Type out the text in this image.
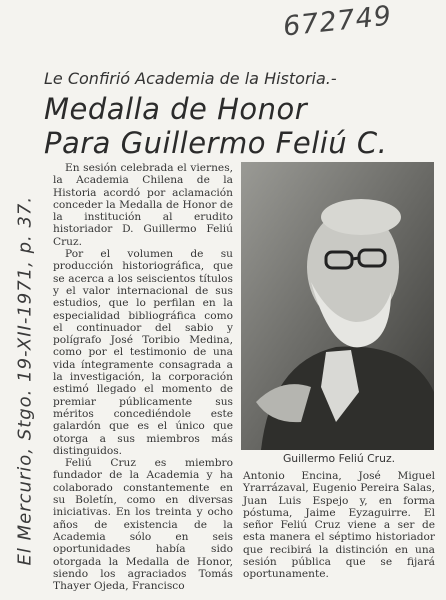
672749
Le Confirió Academia de la Historia.-
Medalla de Honor
Para Guillermo Feliú C.
El Mercurio, Stgo. 19-XII-1971, p. 37.

En sesión celebrada el viernes, la Academia Chilena de la Historia acordó por aclamación conceder la Medalla de Honor de la institución al erudito historiador D. Guillermo Feliú Cruz.

Por el volumen de su producción historiográfica, que se acerca a los seiscientos títulos y el valor internacional de sus estudios, que lo perfilan en la especialidad bibliográfica como el continuador del sabio y polígrafo José Toribio Medina, como por el testimonio de una vida íntegramente consagrada a la investigación, la corporación estimó llegado el momento de premiar públicamente sus méritos concediéndole este galardón que es el único que otorga a sus miembros más distinguidos.

Feliú Cruz es miembro fundador de la Academia y ha colaborado constantemente en su Boletín, como en diversas iniciativas. En los treinta y ocho años de existencia de la Academia sólo en seis oportunidades había sido otorgada la Medalla de Honor, siendo los agraciados Tomás Thayer Ojeda, Francisco

Guillermo Feliú Cruz.

Antonio Encina, José Miguel Yrarrázaval, Eugenio Pereira Salas, Juan Luis Espejo y, en forma póstuma, Jaime Eyzaguirre. El señor Feliú Cruz viene a ser de esta manera el séptimo historiador que recibirá la distinción en una sesión pública que se fijará oportunamente.
